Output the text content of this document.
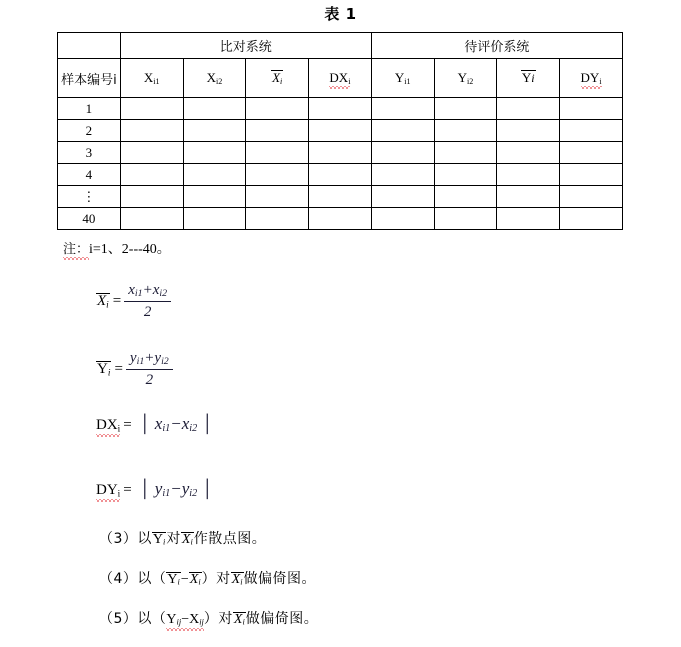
表 1
	比对系统				待评价系统			
样本编号i	$X_{i1}$	$X_{i2}$	$X_i$	$DX_i$	$Y_{i1}$	$Y_{i2}$	Yi	$DY_i$
1								
2								
3								
4								
⋮								
40								
注：i=1、2---40。
$X_i = \frac{x_{i1}+x_{i2}}{2}$
$Y_i = \frac{y_{i1}+y_{i2}}{2}$
$DX_i$ = │ $x_{i1}-x_{i2}$ │
$DY_i$ = │ $y_{i1}-y_{i2}$ │
（3）以$Y_i$对$X_i$作散点图。
（4）以$(Y_i-X_i)$对$X_i$做偏倚图。
（5）以$(Y_{ij}-X_{ij})$对$X_i$做偏倚图。
